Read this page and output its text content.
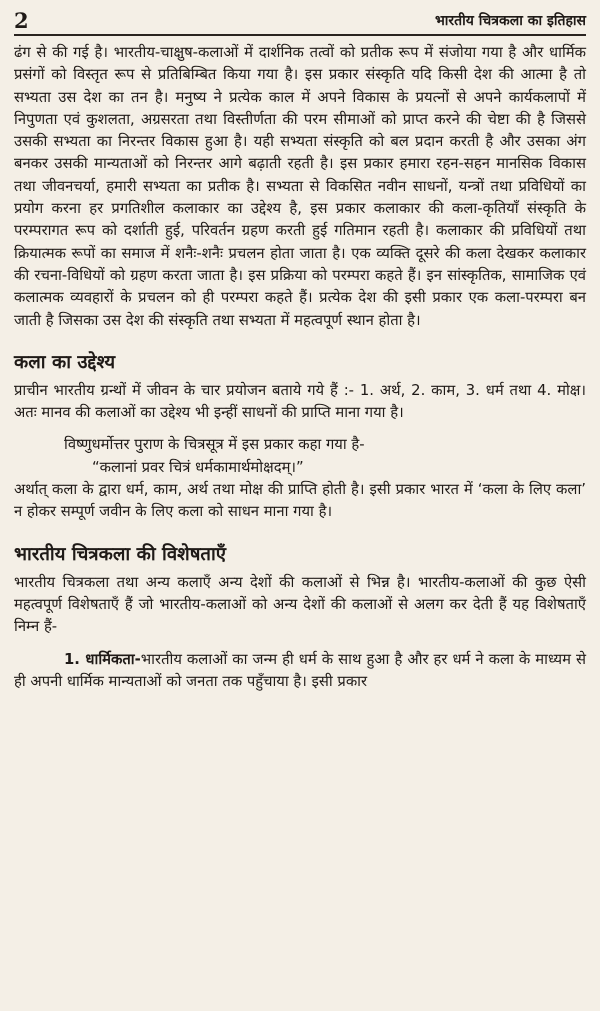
2	भारतीय चित्रकला का इतिहास

ढंग से की गई है। भारतीय-चाक्षुष-कलाओं में दार्शनिक तत्वों को प्रतीक रूप में संजोया गया है और धार्मिक प्रसंगों को विस्तृत रूप से प्रतिबिम्बित किया गया है। इस प्रकार संस्कृति यदि किसी देश की आत्मा है तो सभ्यता उस देश का तन है। मनुष्य ने प्रत्येक काल में अपने विकास के प्रयत्नों से अपने कार्यकलापों में निपुणता एवं कुशलता, अग्रसरता तथा विस्तीर्णता की परम सीमाओं को प्राप्त करने की चेष्टा की है जिससे उसकी सभ्यता का निरन्तर विकास हुआ है। यही सभ्यता संस्कृति को बल प्रदान करती है और उसका अंग बनकर उसकी मान्यताओं को निरन्तर आगे बढ़ाती रहती है। इस प्रकार हमारा रहन-सहन मानसिक विकास तथा जीवनचर्या, हमारी सभ्यता का प्रतीक है। सभ्यता से विकसित नवीन साधनों, यन्त्रों तथा प्रविधियों का प्रयोग करना हर प्रगतिशील कलाकार का उद्देश्य है, इस प्रकार कलाकार की कला-कृतियाँ संस्कृति के परम्परागत रूप को दर्शाती हुई, परिवर्तन ग्रहण करती हुई गतिमान रहती है। कलाकार की प्रविधियों तथा क्रियात्मक रूपों का समाज में शनैः-शनैः प्रचलन होता जाता है। एक व्यक्ति दूसरे की कला देखकर कलाकार की रचना-विधियों को ग्रहण करता जाता है। इस प्रक्रिया को परम्परा कहते हैं। इन सांस्कृतिक, सामाजिक एवं कलात्मक व्यवहारों के प्रचलन को ही परम्परा कहते हैं। प्रत्येक देश की इसी प्रकार एक कला-परम्परा बन जाती है जिसका उस देश की संस्कृति तथा सभ्यता में महत्वपूर्ण स्थान होता है।

कला का उद्देश्य

प्राचीन भारतीय ग्रन्थों में जीवन के चार प्रयोजन बताये गये हैं :- 1. अर्थ, 2. काम, 3. धर्म तथा 4. मोक्ष। अतः मानव की कलाओं का उद्देश्य भी इन्हीं साधनों की प्राप्ति माना गया है।

विष्णुधर्मोत्तर पुराण के चित्रसूत्र में इस प्रकार कहा गया है-

“कलानां प्रवर चित्रं धर्मकामार्थमोक्षदम्।”

अर्थात् कला के द्वारा धर्म, काम, अर्थ तथा मोक्ष की प्राप्ति होती है। इसी प्रकार भारत में ‘कला के लिए कला’ न होकर सम्पूर्ण जवीन के लिए कला को साधन माना गया है।

भारतीय चित्रकला की विशेषताएँ

भारतीय चित्रकला तथा अन्य कलाएँ अन्य देशों की कलाओं से भिन्न है। भारतीय-कलाओं की कुछ ऐसी महत्वपूर्ण विशेषताएँ हैं जो भारतीय-कलाओं को अन्य देशों की कलाओं से अलग कर देती हैं यह विशेषताएँ निम्न हैं-

1. धार्मिकता-भारतीय कलाओं का जन्म ही धर्म के साथ हुआ है और हर धर्म ने कला के माध्यम से ही अपनी धार्मिक मान्यताओं को जनता तक पहुँचाया है। इसी प्रकार
